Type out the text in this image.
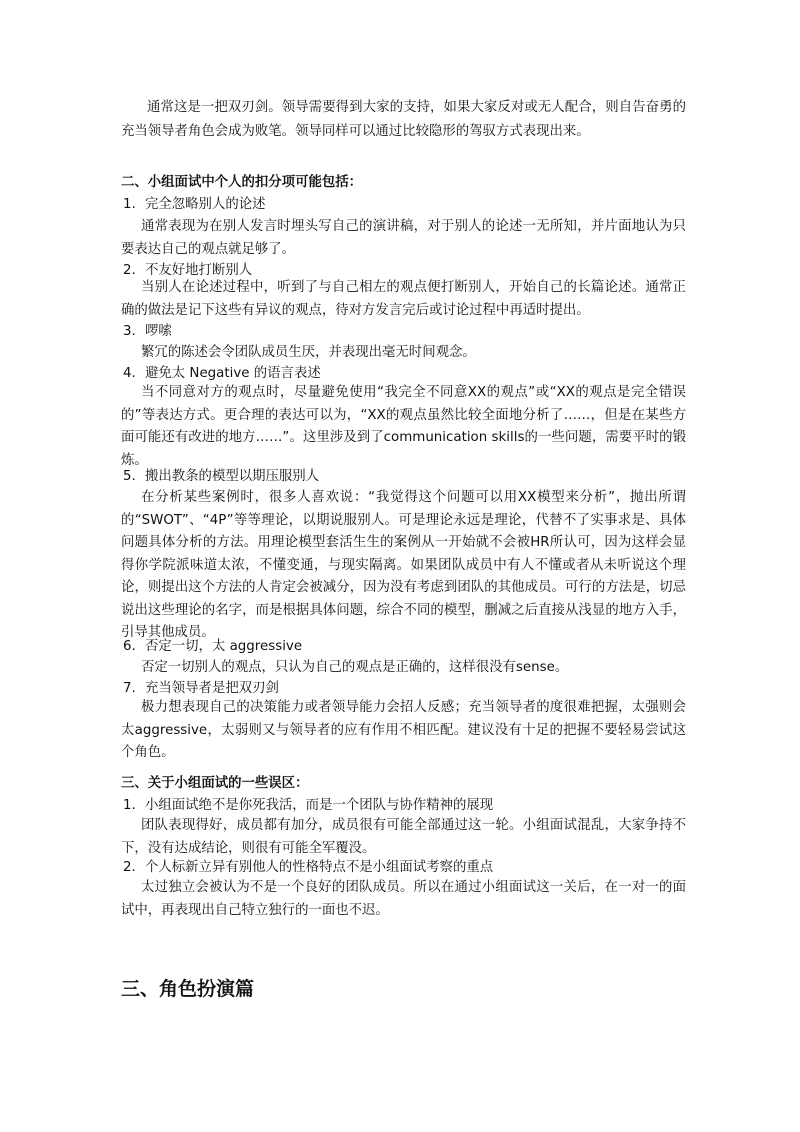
通常这是一把双刃剑。领导需要得到大家的支持，如果大家反对或无人配合，则自告奋勇的充当领导者角色会成为败笔。领导同样可以通过比较隐形的驾驭方式表现出来。
二、小组面试中个人的扣分项可能包括：
1. 完全忽略别人的论述
通常表现为在别人发言时埋头写自己的演讲稿，对于别人的论述一无所知，并片面地认为只要表达自己的观点就足够了。
2. 不友好地打断别人
当别人在论述过程中，听到了与自己相左的观点便打断别人，开始自己的长篇论述。通常正确的做法是记下这些有异议的观点，待对方发言完后或讨论过程中再适时提出。
3. 啰嗦
繁冗的陈述会令团队成员生厌，并表现出毫无时间观念。
4. 避免太 Negative 的语言表述
当不同意对方的观点时，尽量避免使用“我完全不同意XX的观点”或“XX的观点是完全错误的”等表达方式。更合理的表达可以为，“XX的观点虽然比较全面地分析了……，但是在某些方面可能还有改进的地方……”。这里涉及到了communication skills的一些问题，需要平时的锻炼。
5. 搬出教条的模型以期压服别人
在分析某些案例时，很多人喜欢说：“我觉得这个问题可以用XX模型来分析”，抛出所谓的“SWOT”、“4P”等等理论，以期说服别人。可是理论永远是理论，代替不了实事求是、具体问题具体分析的方法。用理论模型套活生生的案例从一开始就不会被HR所认可，因为这样会显得你学院派味道太浓，不懂变通，与现实隔离。如果团队成员中有人不懂或者从未听说这个理论，则提出这个方法的人肯定会被减分，因为没有考虑到团队的其他成员。可行的方法是，切忌说出这些理论的名字，而是根据具体问题，综合不同的模型，删减之后直接从浅显的地方入手，引导其他成员。
6. 否定一切，太 aggressive
否定一切别人的观点，只认为自己的观点是正确的，这样很没有sense。
7. 充当领导者是把双刃剑
极力想表现自己的决策能力或者领导能力会招人反感；充当领导者的度很难把握，太强则会太aggressive，太弱则又与领导者的应有作用不相匹配。建议没有十足的把握不要轻易尝试这个角色。
三、关于小组面试的一些误区：
1. 小组面试绝不是你死我活，而是一个团队与协作精神的展现
团队表现得好，成员都有加分，成员很有可能全部通过这一轮。小组面试混乱，大家争持不下，没有达成结论，则很有可能全军覆没。
2. 个人标新立异有别他人的性格特点不是小组面试考察的重点
太过独立会被认为不是一个良好的团队成员。所以在通过小组面试这一关后，在一对一的面试中，再表现出自己特立独行的一面也不迟。
三、角色扮演篇
